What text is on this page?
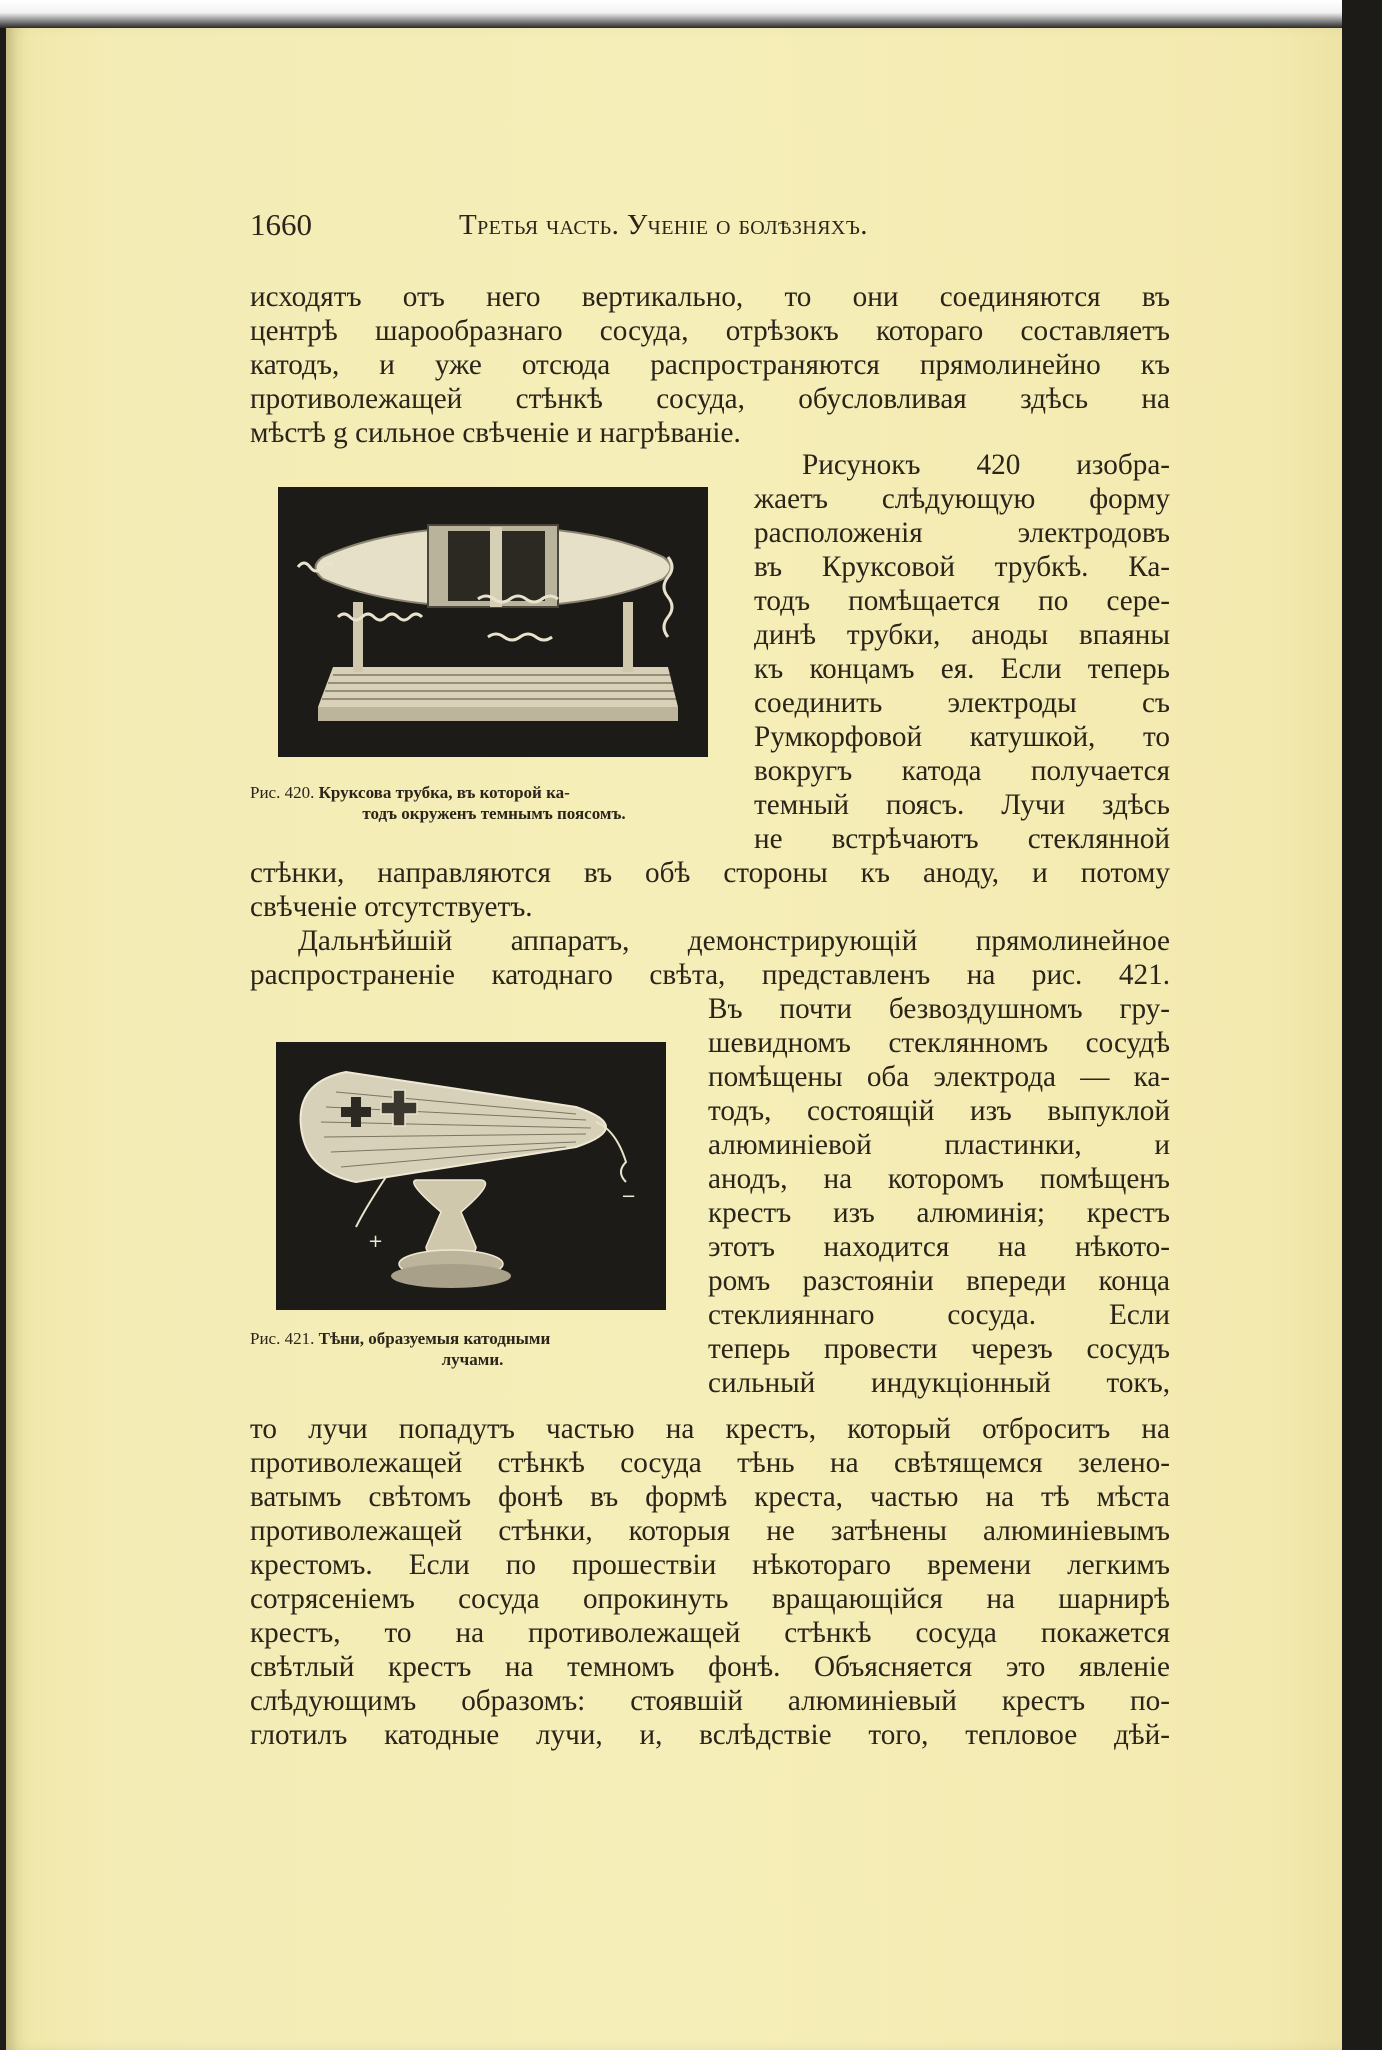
1660	Третья часть. Ученіе о болѣзняхъ.

исходятъ отъ него вертикально, то они соединяются въ

центрѣ шарообразнаго сосуда, отрѣзокъ котораго составляетъ

катодъ, и уже отсюда распространяются прямолинейно къ

противолежащей стѣнкѣ сосуда, обусловливая здѣсь на

мѣстѣ g сильное свѣченіе и нагрѣваніе.

Рис. 420. Круксова трубка, въ которой ка-

тодъ окруженъ темнымъ поясомъ.

Рисунокъ 420 изобра-

жаетъ слѣдующую форму

расположенія электродовъ

въ Круксовой трубкѣ. Ка-

тодъ помѣщается по сере-

динѣ трубки, аноды впаяны

къ концамъ ея. Если теперь

соединить электроды съ

Румкорфовой катушкой, то

вокругъ катода получается

темный поясъ. Лучи здѣсь

не встрѣчаютъ стеклянной

стѣнки, направляются въ обѣ стороны къ аноду, и потому

свѣченіе отсутствуетъ.

Дальнѣйшій аппаратъ, демонстрирующій прямолинейное

распространеніе катоднаго свѣта, представленъ на рис. 421.

+
−
Рис. 421. Тѣни, образуемыя катодными

лучами.

Въ почти безвоздушномъ гру-

шевидномъ стеклянномъ сосудѣ

помѣщены оба электрода — ка-

тодъ, состоящій изъ выпуклой

алюминіевой пластинки, и

анодъ, на которомъ помѣщенъ

крестъ изъ алюминія; крестъ

этотъ находится на нѣкото-

ромъ разстояніи впереди конца

стеклияннаго сосуда. Если

теперь провести черезъ сосудъ

сильный индукціонный токъ,

то лучи попадутъ частью на крестъ, который отброситъ на

противолежащей стѣнкѣ сосуда тѣнь на свѣтящемся зелено-

ватымъ свѣтомъ фонѣ въ формѣ креста, частью на тѣ мѣста

противолежащей стѣнки, которыя не затѣнены алюминіевымъ

крестомъ. Если по прошествіи нѣкотораго времени легкимъ

сотрясеніемъ сосуда опрокинуть вращающійся на шарнирѣ

крестъ, то на противолежащей стѣнкѣ сосуда покажется

свѣтлый крестъ на темномъ фонѣ. Объясняется это явленіе

слѣдующимъ образомъ: стоявшій алюминіевый крестъ по-

глотилъ катодные лучи, и, вслѣдствіе того, тепловое дѣй-
